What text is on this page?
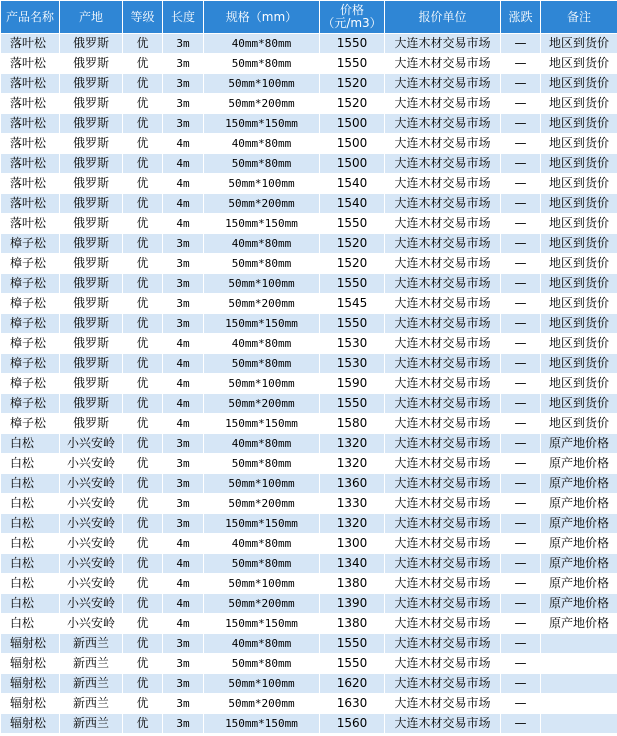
产品名称	产地	等级	长度	规格（mm）	价格（元/m3）	报价单位	涨跌	备注
落叶松	俄罗斯	优	3m	40mm*80mm	1550	大连木材交易市场	—	地区到货价
落叶松	俄罗斯	优	3m	50mm*80mm	1550	大连木材交易市场	—	地区到货价
落叶松	俄罗斯	优	3m	50mm*100mm	1520	大连木材交易市场	—	地区到货价
落叶松	俄罗斯	优	3m	50mm*200mm	1520	大连木材交易市场	—	地区到货价
落叶松	俄罗斯	优	3m	150mm*150mm	1500	大连木材交易市场	—	地区到货价
落叶松	俄罗斯	优	4m	40mm*80mm	1500	大连木材交易市场	—	地区到货价
落叶松	俄罗斯	优	4m	50mm*80mm	1500	大连木材交易市场	—	地区到货价
落叶松	俄罗斯	优	4m	50mm*100mm	1540	大连木材交易市场	—	地区到货价
落叶松	俄罗斯	优	4m	50mm*200mm	1540	大连木材交易市场	—	地区到货价
落叶松	俄罗斯	优	4m	150mm*150mm	1550	大连木材交易市场	—	地区到货价
樟子松	俄罗斯	优	3m	40mm*80mm	1520	大连木材交易市场	—	地区到货价
樟子松	俄罗斯	优	3m	50mm*80mm	1520	大连木材交易市场	—	地区到货价
樟子松	俄罗斯	优	3m	50mm*100mm	1550	大连木材交易市场	—	地区到货价
樟子松	俄罗斯	优	3m	50mm*200mm	1545	大连木材交易市场	—	地区到货价
樟子松	俄罗斯	优	3m	150mm*150mm	1550	大连木材交易市场	—	地区到货价
樟子松	俄罗斯	优	4m	40mm*80mm	1530	大连木材交易市场	—	地区到货价
樟子松	俄罗斯	优	4m	50mm*80mm	1530	大连木材交易市场	—	地区到货价
樟子松	俄罗斯	优	4m	50mm*100mm	1590	大连木材交易市场	—	地区到货价
樟子松	俄罗斯	优	4m	50mm*200mm	1550	大连木材交易市场	—	地区到货价
樟子松	俄罗斯	优	4m	150mm*150mm	1580	大连木材交易市场	—	地区到货价
白松	小兴安岭	优	3m	40mm*80mm	1320	大连木材交易市场	—	原产地价格
白松	小兴安岭	优	3m	50mm*80mm	1320	大连木材交易市场	—	原产地价格
白松	小兴安岭	优	3m	50mm*100mm	1360	大连木材交易市场	—	原产地价格
白松	小兴安岭	优	3m	50mm*200mm	1330	大连木材交易市场	—	原产地价格
白松	小兴安岭	优	3m	150mm*150mm	1320	大连木材交易市场	—	原产地价格
白松	小兴安岭	优	4m	40mm*80mm	1300	大连木材交易市场	—	原产地价格
白松	小兴安岭	优	4m	50mm*80mm	1340	大连木材交易市场	—	原产地价格
白松	小兴安岭	优	4m	50mm*100mm	1380	大连木材交易市场	—	原产地价格
白松	小兴安岭	优	4m	50mm*200mm	1390	大连木材交易市场	—	原产地价格
白松	小兴安岭	优	4m	150mm*150mm	1380	大连木材交易市场	—	原产地价格
辐射松	新西兰	优	3m	40mm*80mm	1550	大连木材交易市场	—	
辐射松	新西兰	优	3m	50mm*80mm	1550	大连木材交易市场	—	
辐射松	新西兰	优	3m	50mm*100mm	1620	大连木材交易市场	—	
辐射松	新西兰	优	3m	50mm*200mm	1630	大连木材交易市场	—	
辐射松	新西兰	优	3m	150mm*150mm	1560	大连木材交易市场	—	
